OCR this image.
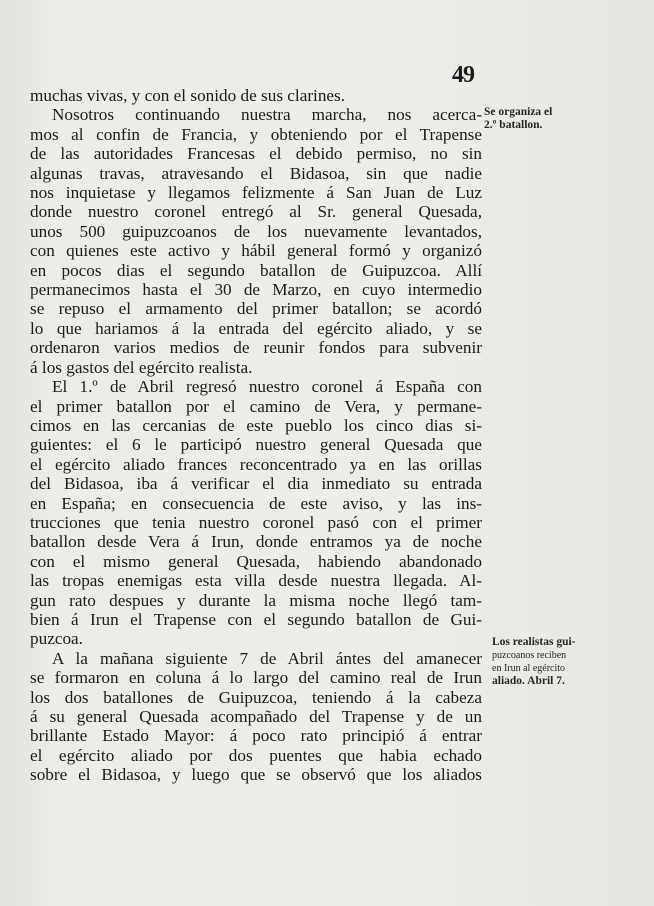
49
muchas vivas, y con el sonido de sus clarines.
Nosotros continuando nuestra marcha, nos acerca-
mos al confin de Francia, y obteniendo por el Trapense
de las autoridades Francesas el debido permiso, no sin
algunas travas, atravesando el Bidasoa, sin que nadie
nos inquietase y llegamos felizmente á San Juan de Luz
donde nuestro coronel entregó al Sr. general Quesada,
unos 500 guipuzcoanos de los nuevamente levantados,
con quienes este activo y hábil general formó y organizó
en pocos dias el segundo batallon de Guipuzcoa. Allí
permanecimos hasta el 30 de Marzo, en cuyo intermedio
se repuso el armamento del primer batallon; se acordó
lo que hariamos á la entrada del egército aliado, y se
ordenaron varios medios de reunir fondos para subvenir
á los gastos del egército realista.
El 1.º de Abril regresó nuestro coronel á España con
el primer batallon por el camino de Vera, y permane-
cimos en las cercanias de este pueblo los cinco dias si-
guientes: el 6 le participó nuestro general Quesada que
el egército aliado frances reconcentrado ya en las orillas
del Bidasoa, iba á verificar el dia inmediato su entrada
en España; en consecuencia de este aviso, y las ins-
trucciones que tenia nuestro coronel pasó con el primer
batallon desde Vera á Irun, donde entramos ya de noche
con el mismo general Quesada, habiendo abandonado
las tropas enemigas esta villa desde nuestra llegada. Al-
gun rato despues y durante la misma noche llegó tam-
bien á Irun el Trapense con el segundo batallon de Gui-
puzcoa.
A la mañana siguiente 7 de Abril ántes del amanecer
se formaron en coluna á lo largo del camino real de Irun
los dos batallones de Guipuzcoa, teniendo á la cabeza
á su general Quesada acompañado del Trapense y de un
brillante Estado Mayor: á poco rato principió á entrar
el egército aliado por dos puentes que habia echado
sobre el Bidasoa, y luego que se observó que los aliados
Se organiza el
2.º batallon.
Los realistas gui-
puzcoanos reciben
en Irun al egército
aliado. Abril 7.
